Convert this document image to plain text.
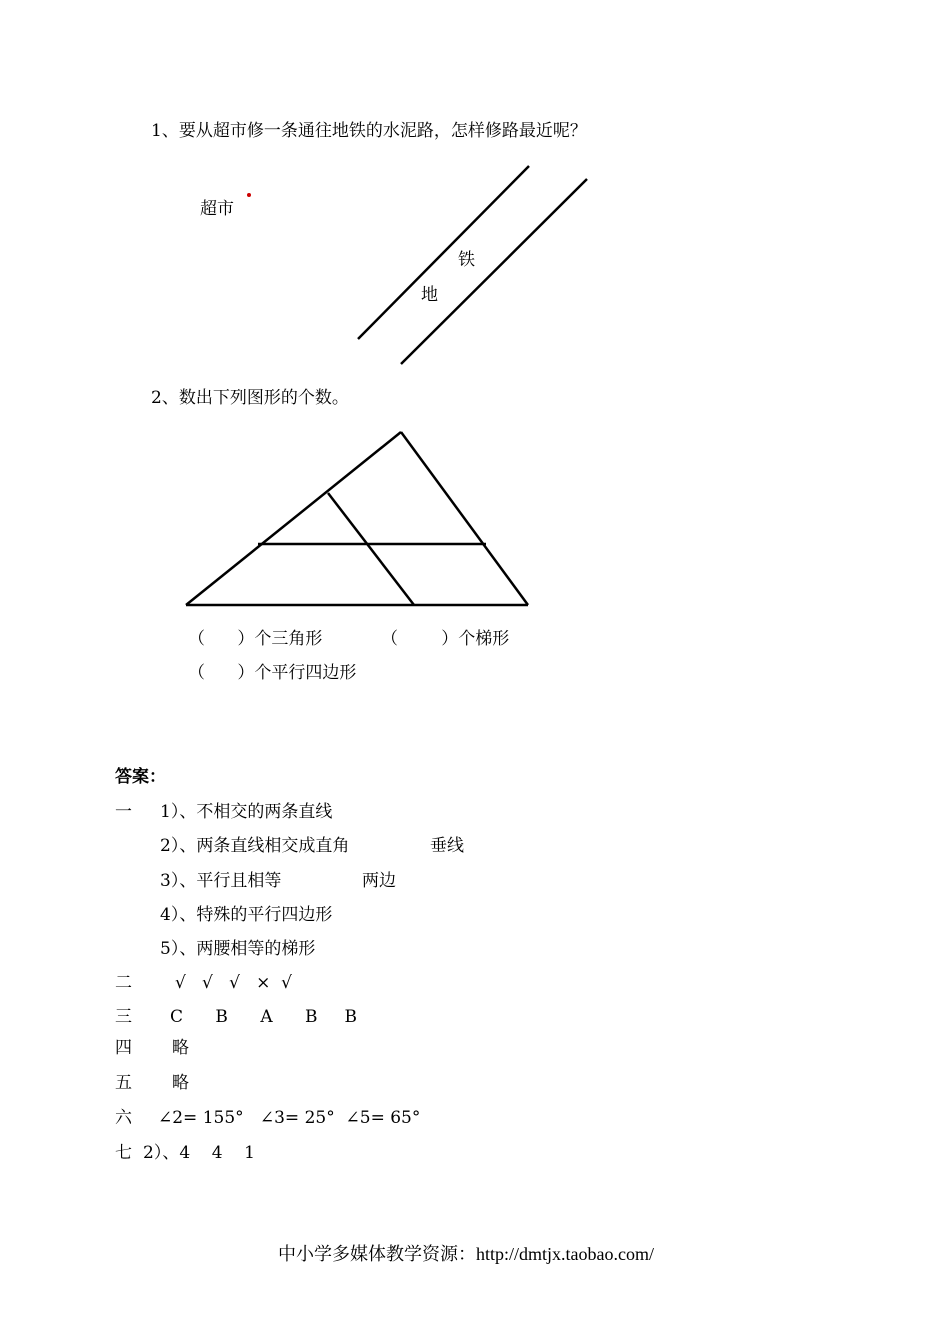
1、要从超市修一条通往地铁的水泥路，怎样修路最近呢？
超市
铁
地
2、数出下列图形的个数。
（      ）个三角形	（        ）个梯形
（      ）个平行四边形
答案：
一 1）、不相交的两条直线
2）、两条直线相交成直角	垂线
3）、平行且相等	两边
4）、特殊的平行四边形
5）、两腰相等的梯形
二	√   √   √   ×  √
三 C      B      A      B     B
四 略
五 略
六 ∠2= 155°   ∠3= 25°  ∠5= 65°
七 2）、4    4    1
中小学多媒体教学资源：http://dmtjx.taobao.com/
